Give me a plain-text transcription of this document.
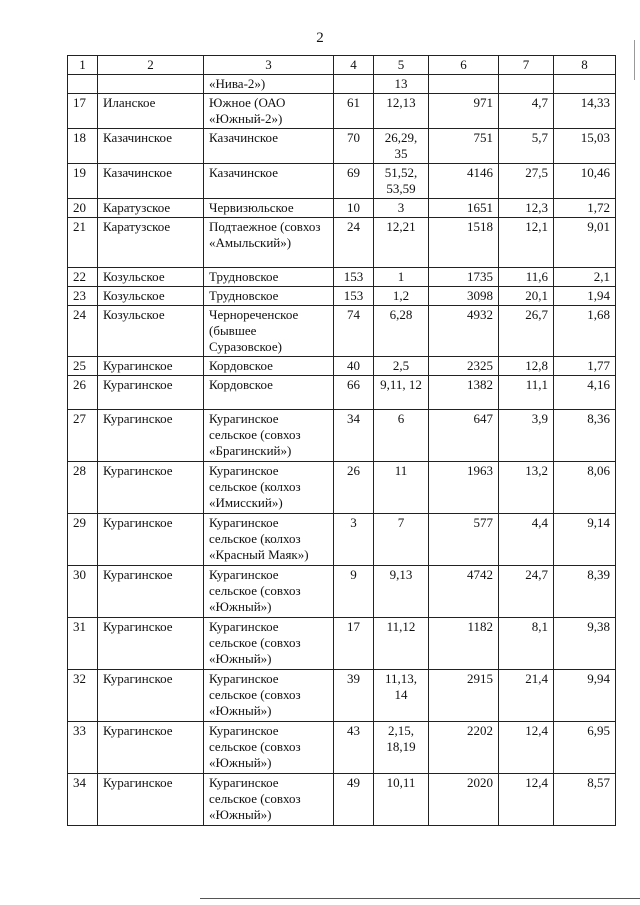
2
1	2	3	4	5	6	7	8
		«Нива-2»)		13			
17	Иланское	Южное (ОАО «Южный-2»)	61	12,13	971	4,7	14,33
18	Казачинское	Казачинское	70	26,29, 35	751	5,7	15,03
19	Казачинское	Казачинское	69	51,52, 53,59	4146	27,5	10,46
20	Каратузское	Червизюльское	10	3	1651	12,3	1,72
21	Каратузское	Подтаежное (совхоз «Амыльский»)	24	12,21	1518	12,1	9,01
22	Козульское	Трудновское	153	1	1735	11,6	2,1
23	Козульское	Трудновское	153	1,2	3098	20,1	1,94
24	Козульское	Чернореченское (бывшее Суразовское)	74	6,28	4932	26,7	1,68
25	Курагинское	Кордовское	40	2,5	2325	12,8	1,77
26	Курагинское	Кордовское	66	9,11, 12	1382	11,1	4,16
27	Курагинское	Курагинское сельское (совхоз «Брагинский»)	34	6	647	3,9	8,36
28	Курагинское	Курагинское сельское (колхоз «Имисский»)	26	11	1963	13,2	8,06
29	Курагинское	Курагинское сельское (колхоз «Красный Маяк»)	3	7	577	4,4	9,14
30	Курагинское	Курагинское сельское (совхоз «Южный»)	9	9,13	4742	24,7	8,39
31	Курагинское	Курагинское сельское (совхоз «Южный»)	17	11,12	1182	8,1	9,38
32	Курагинское	Курагинское сельское (совхоз «Южный»)	39	11,13, 14	2915	21,4	9,94
33	Курагинское	Курагинское сельское (совхоз «Южный»)	43	2,15, 18,19	2202	12,4	6,95
34	Курагинское	Курагинское сельское (совхоз «Южный»)	49	10,11	2020	12,4	8,57
